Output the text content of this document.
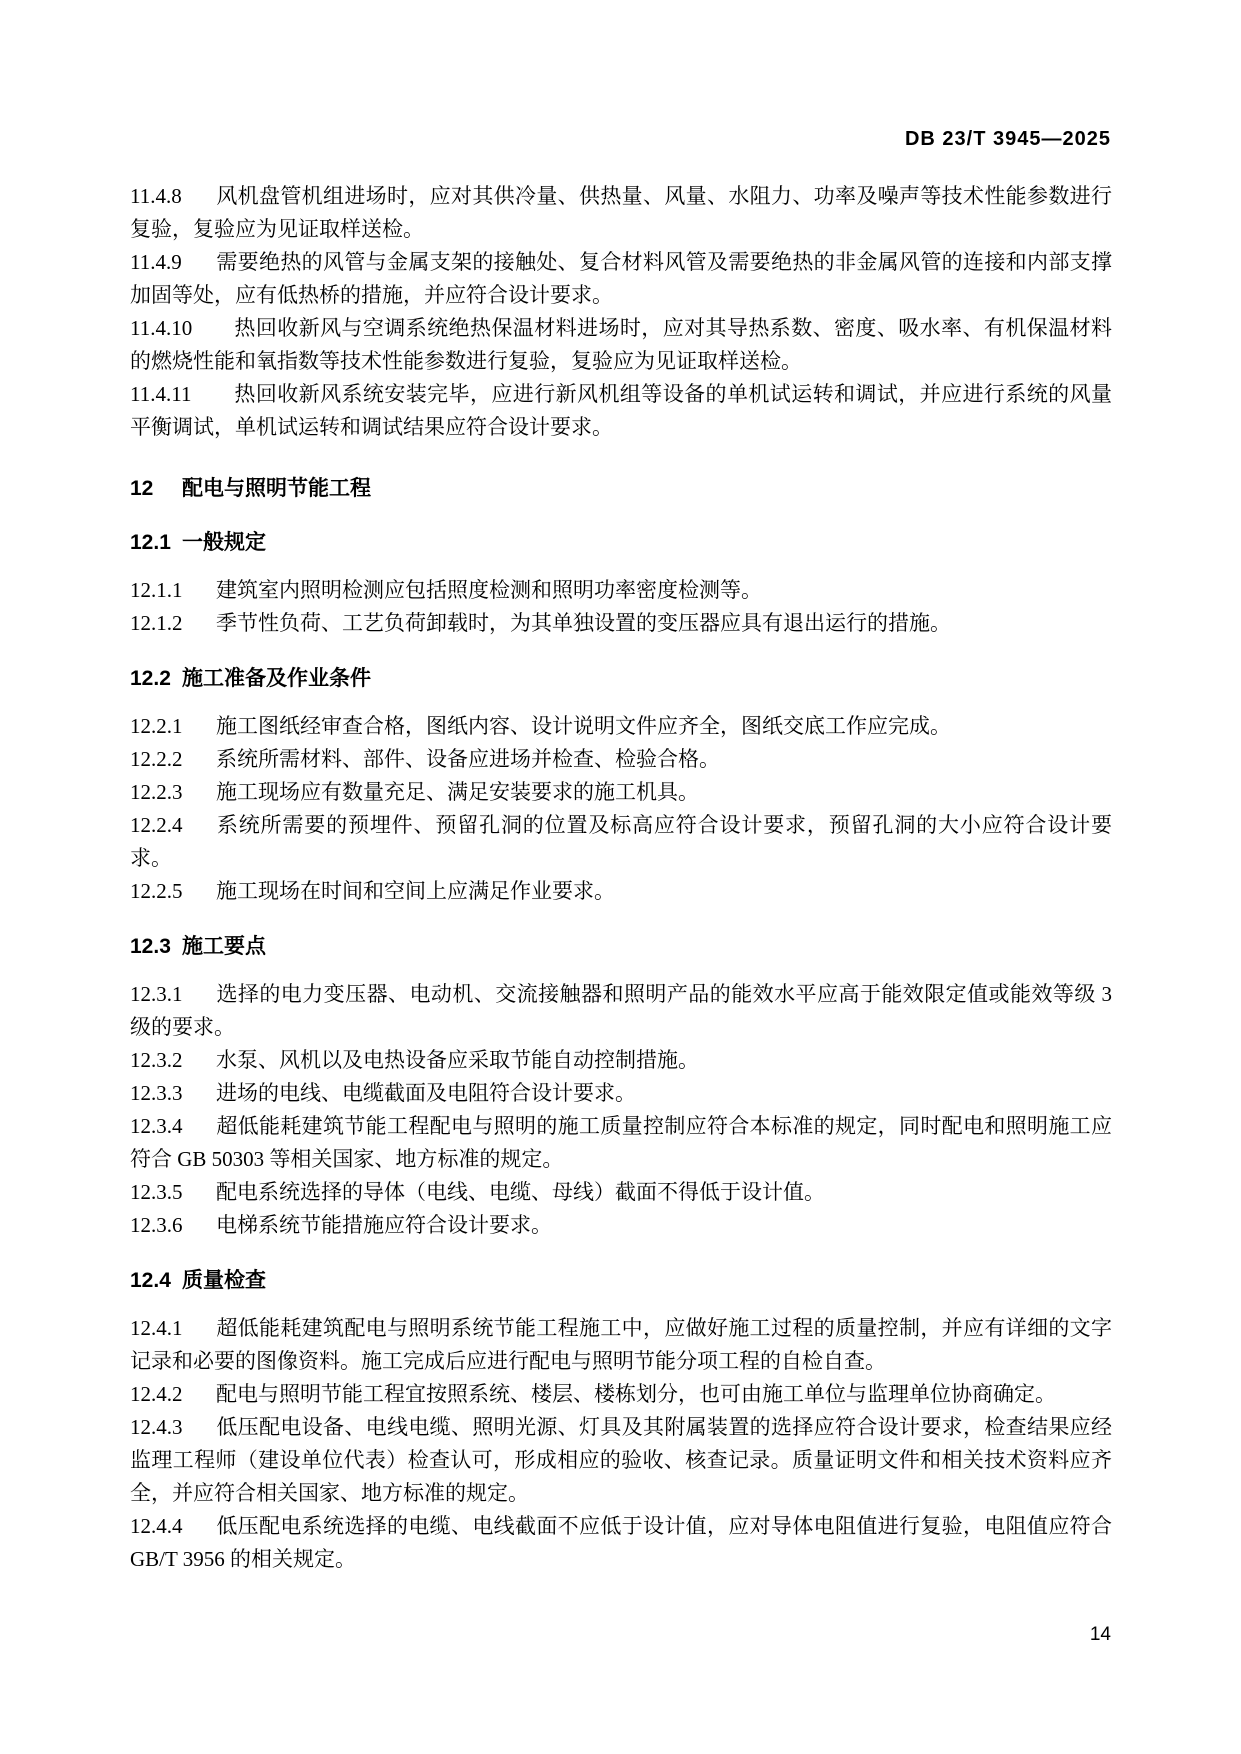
DB 23/T 3945—2025

11.4.8 风机盘管机组进场时，应对其供冷量、供热量、风量、水阻力、功率及噪声等技术性能参数进行复验，复验应为见证取样送检。

11.4.9 需要绝热的风管与金属支架的接触处、复合材料风管及需要绝热的非金属风管的连接和内部支撑加固等处，应有低热桥的措施，并应符合设计要求。

11.4.10 热回收新风与空调系统绝热保温材料进场时，应对其导热系数、密度、吸水率、有机保温材料的燃烧性能和氧指数等技术性能参数进行复验，复验应为见证取样送检。

11.4.11 热回收新风系统安装完毕，应进行新风机组等设备的单机试运转和调试，并应进行系统的风量平衡调试，单机试运转和调试结果应符合设计要求。

12 配电与照明节能工程
12.1 一般规定

12.1.1 建筑室内照明检测应包括照度检测和照明功率密度检测等。

12.1.2 季节性负荷、工艺负荷卸载时，为其单独设置的变压器应具有退出运行的措施。

12.2 施工准备及作业条件

12.2.1 施工图纸经审查合格，图纸内容、设计说明文件应齐全，图纸交底工作应完成。

12.2.2 系统所需材料、部件、设备应进场并检查、检验合格。

12.2.3 施工现场应有数量充足、满足安装要求的施工机具。

12.2.4 系统所需要的预埋件、预留孔洞的位置及标高应符合设计要求，预留孔洞的大小应符合设计要求。

12.2.5 施工现场在时间和空间上应满足作业要求。

12.3 施工要点

12.3.1 选择的电力变压器、电动机、交流接触器和照明产品的能效水平应高于能效限定值或能效等级 3 级的要求。

12.3.2 水泵、风机以及电热设备应采取节能自动控制措施。

12.3.3 进场的电线、电缆截面及电阻符合设计要求。

12.3.4 超低能耗建筑节能工程配电与照明的施工质量控制应符合本标准的规定，同时配电和照明施工应符合 GB 50303 等相关国家、地方标准的规定。

12.3.5 配电系统选择的导体（电线、电缆、母线）截面不得低于设计值。

12.3.6 电梯系统节能措施应符合设计要求。

12.4 质量检查

12.4.1 超低能耗建筑配电与照明系统节能工程施工中，应做好施工过程的质量控制，并应有详细的文字记录和必要的图像资料。施工完成后应进行配电与照明节能分项工程的自检自查。

12.4.2 配电与照明节能工程宜按照系统、楼层、楼栋划分，也可由施工单位与监理单位协商确定。

12.4.3 低压配电设备、电线电缆、照明光源、灯具及其附属装置的选择应符合设计要求，检查结果应经监理工程师（建设单位代表）检查认可，形成相应的验收、核查记录。质量证明文件和相关技术资料应齐全，并应符合相关国家、地方标准的规定。

12.4.4 低压配电系统选择的电缆、电线截面不应低于设计值，应对导体电阻值进行复验，电阻值应符合 GB/T 3956 的相关规定。

14
